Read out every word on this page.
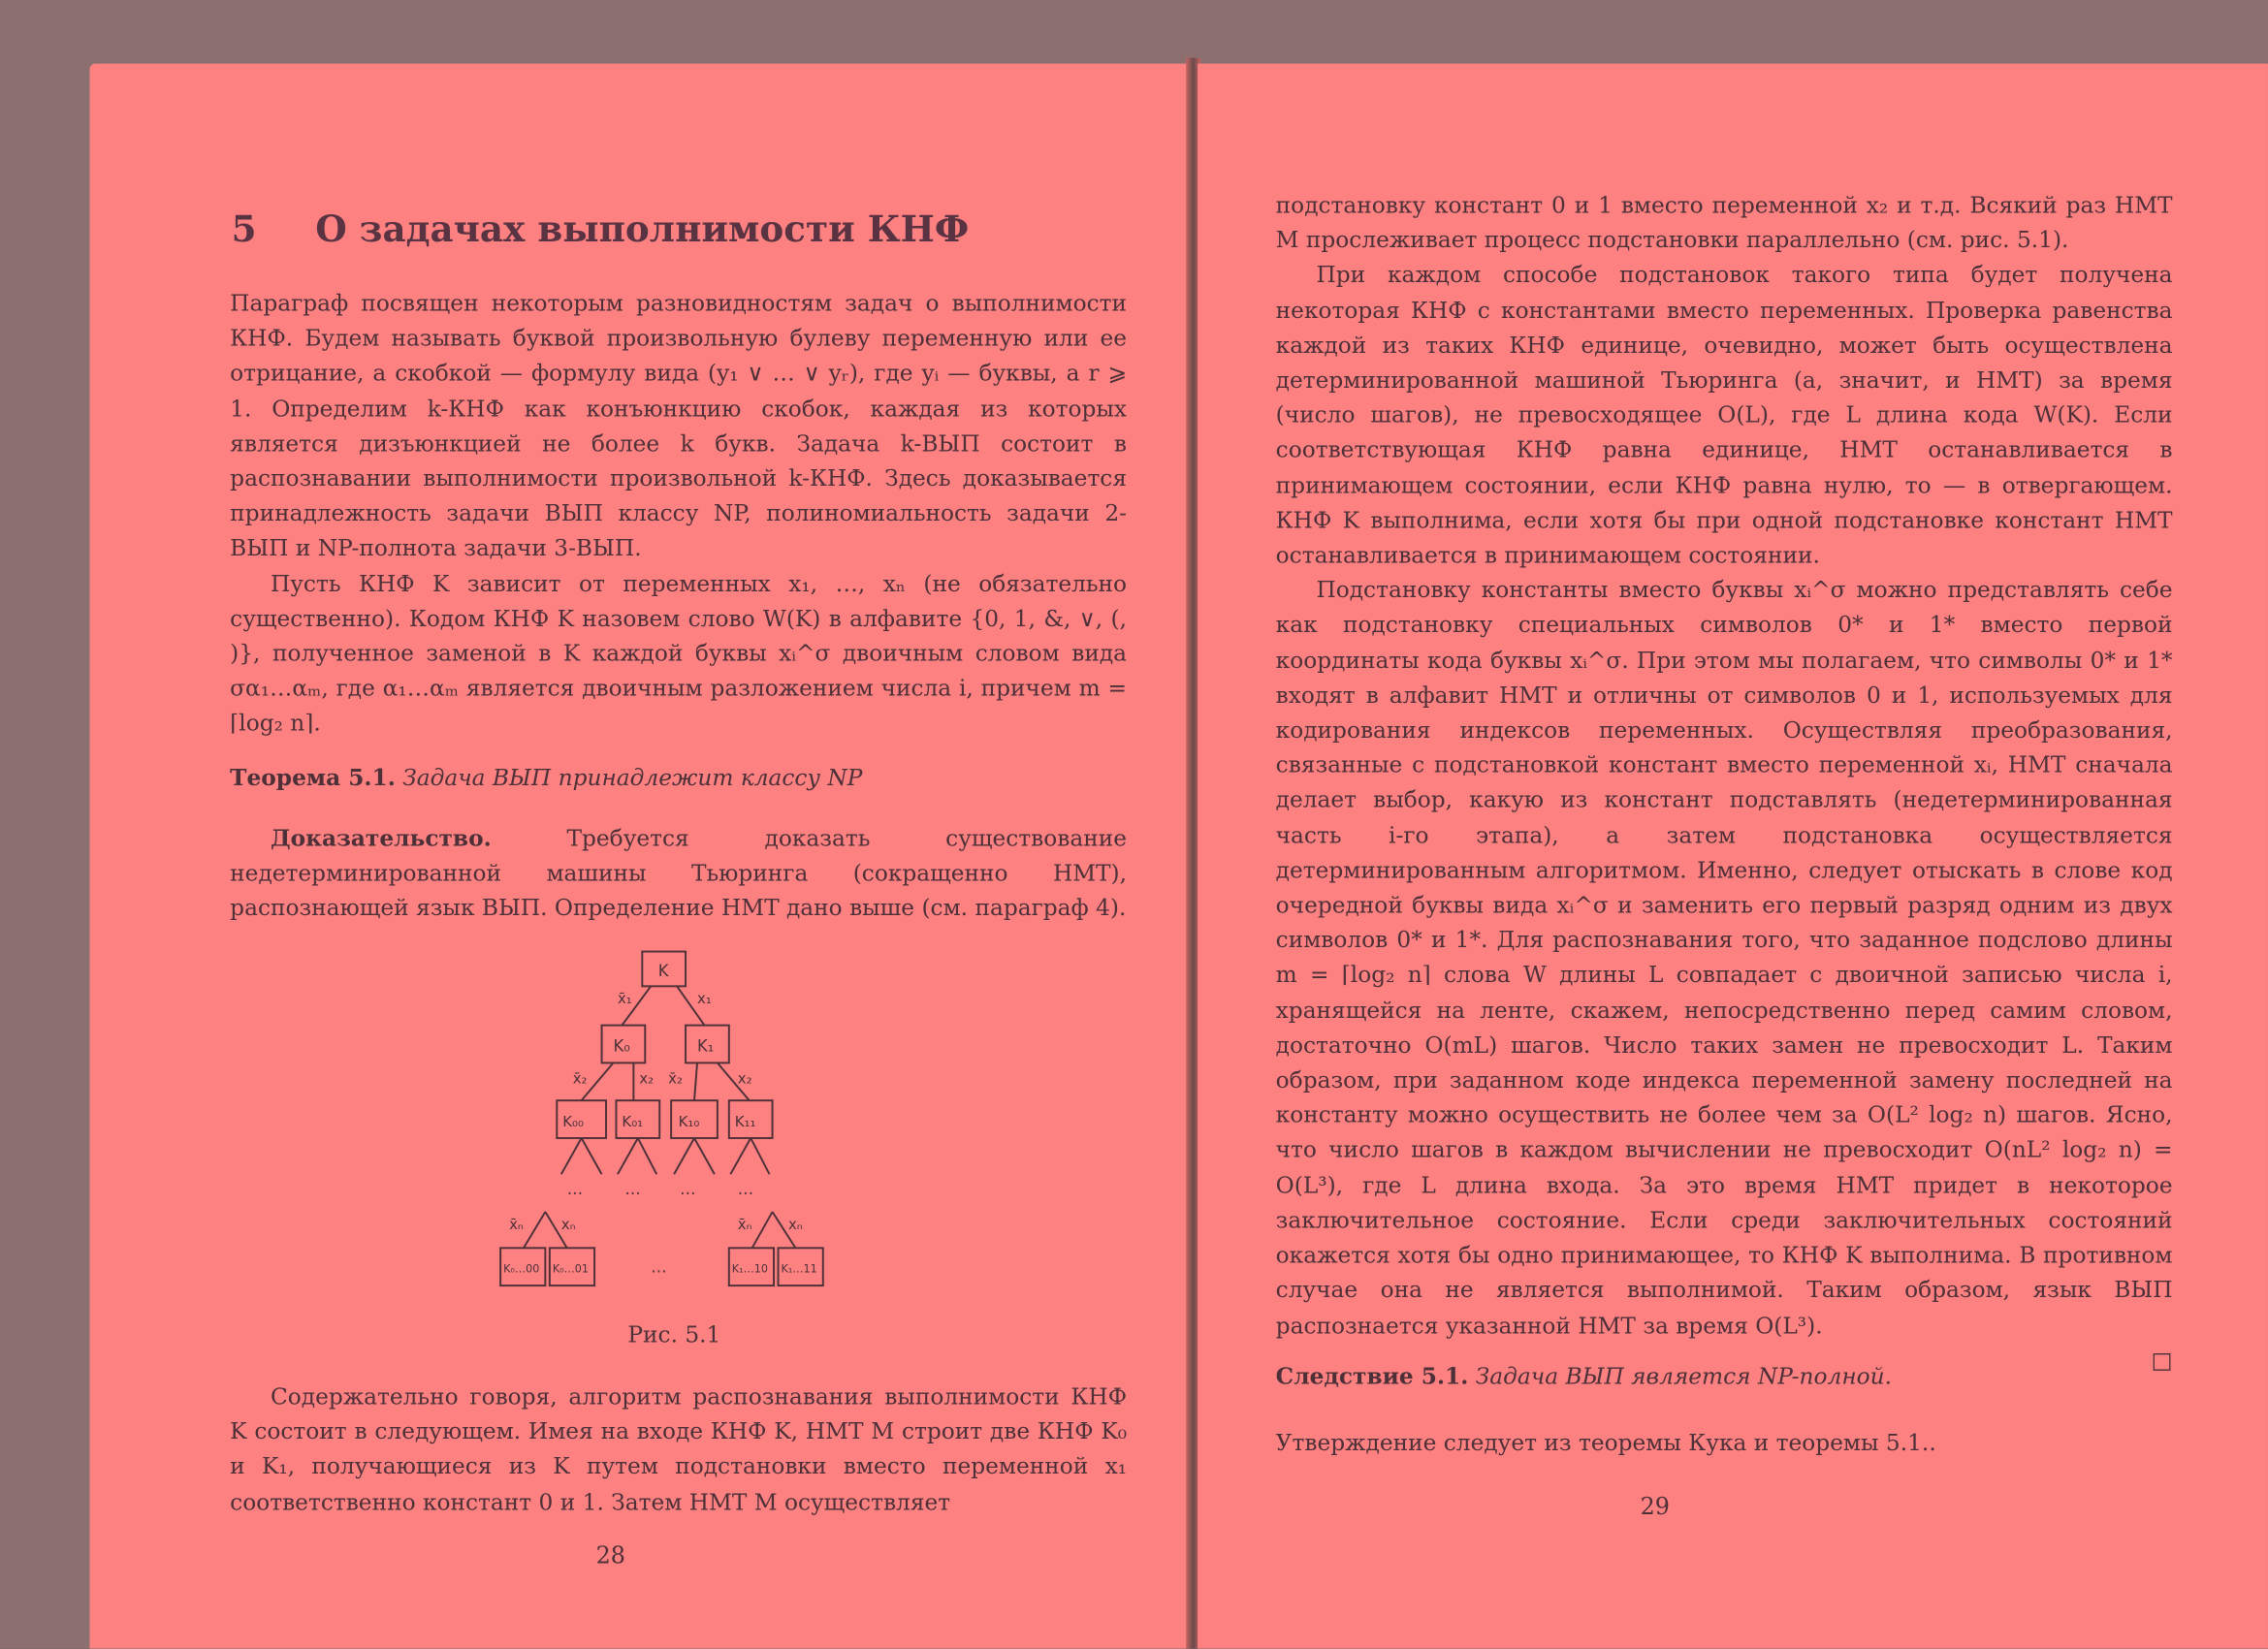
5 О задачах выполнимости КНФ

Параграф посвящен некоторым разновидностям задач о выполнимости КНФ. Будем называть буквой произвольную булеву переменную или ее отрицание, а скобкой — формулу вида (y₁ ∨ … ∨ yᵣ), где yᵢ — буквы, а r ⩾ 1. Определим k-КНФ как конъюнкцию скобок, каждая из которых является дизъюнкцией не более k букв. Задача k-ВЫП состоит в распознавании выполнимости произвольной k-КНФ. Здесь доказывается принадлежность задачи ВЫП классу NP, полиномиальность задачи 2-ВЫП и NP-полнота задачи 3-ВЫП.

Пусть КНФ K зависит от переменных x₁, …, xₙ (не обязательно существенно). Кодом КНФ K назовем слово W(K) в алфавите {0, 1, &, ∨, (, )}, полученное заменой в K каждой буквы xᵢ^σ двоичным словом вида σα₁…αₘ, где α₁…αₘ является двоичным разложением числа i, причем m = ⌈log₂ n⌉.

Теорема 5.1. Задача ВЫП принадлежит классу NP

Доказательство.	Требуется доказать существование недетерминированной машины Тьюринга (сокращенно НМТ), распознающей язык ВЫП. Определение НМТ дано выше (см. параграф 4).

K
K₀	K₁
K₀₀	K₀₁	K₁₀	K₁₁
K₀…00 K₀…01	K₁…10 K₁…11
x̄₁	x₁
x̄₂	x₂ x̄₂	x₂
x̄ₙ	xₙ	x̄ₙ	xₙ
…	…	…	…
…
Рис. 5.1

Содержательно говоря, алгоритм распознавания выполнимости КНФ K состоит в следующем. Имея на входе КНФ K, НМТ M строит две КНФ K₀ и K₁, получающиеся из K путем подстановки вместо переменной x₁ соответственно констант 0 и 1. Затем НМТ M осуществляет

28

подстановку констант 0 и 1 вместо переменной x₂ и т.д. Всякий раз НМТ M прослеживает процесс подстановки параллельно (см. рис. 5.1).

При каждом способе подстановок такого типа будет получена некоторая КНФ с константами вместо переменных. Проверка равенства каждой из таких КНФ единице, очевидно, может быть осуществлена детерминированной машиной Тьюринга (а, значит, и НМТ) за время (число шагов), не превосходящее O(L), где L длина кода W(K). Если соответствующая КНФ равна единице, НМТ останавливается в принимающем состоянии, если КНФ равна нулю, то — в отвергающем. КНФ K выполнима, если хотя бы при одной подстановке констант НМТ останавливается в принимающем состоянии.

Подстановку константы вместо буквы xᵢ^σ можно представлять себе как подстановку специальных символов 0* и 1* вместо первой координаты кода буквы xᵢ^σ. При этом мы полагаем, что символы 0* и 1* входят в алфавит НМТ и отличны от символов 0 и 1, используемых для кодирования индексов переменных. Осуществляя преобразования, связанные с подстановкой констант вместо переменной xᵢ, НМТ сначала делает выбор, какую из констант подставлять (недетерминированная часть i-го этапа), а затем подстановка осуществляется детерминированным алгоритмом. Именно, следует отыскать в слове код очередной буквы вида xᵢ^σ и заменить его первый разряд одним из двух символов 0* и 1*. Для распознавания того, что заданное подслово длины m = ⌈log₂ n⌉ слова W длины L совпадает с двоичной записью числа i, хранящейся на ленте, скажем, непосредственно перед самим словом, достаточно O(mL) шагов. Число таких замен не превосходит L. Таким образом, при заданном коде индекса переменной замену последней на константу можно осуществить не более чем за O(L² log₂ n) шагов. Ясно, что число шагов в каждом вычислении не превосходит O(nL² log₂ n) = O(L³), где L длина входа. За это время НМТ придет в некоторое заключительное состояние. Если среди заключительных состояний окажется хотя бы одно принимающее, то КНФ K выполнима. В противном случае она не является выполнимой. Таким образом, язык ВЫП распознается указанной НМТ за время O(L³).

□

Следствие 5.1. Задача ВЫП является NP-полной.

Утверждение следует из теоремы Кука и теоремы 5.1..

29
